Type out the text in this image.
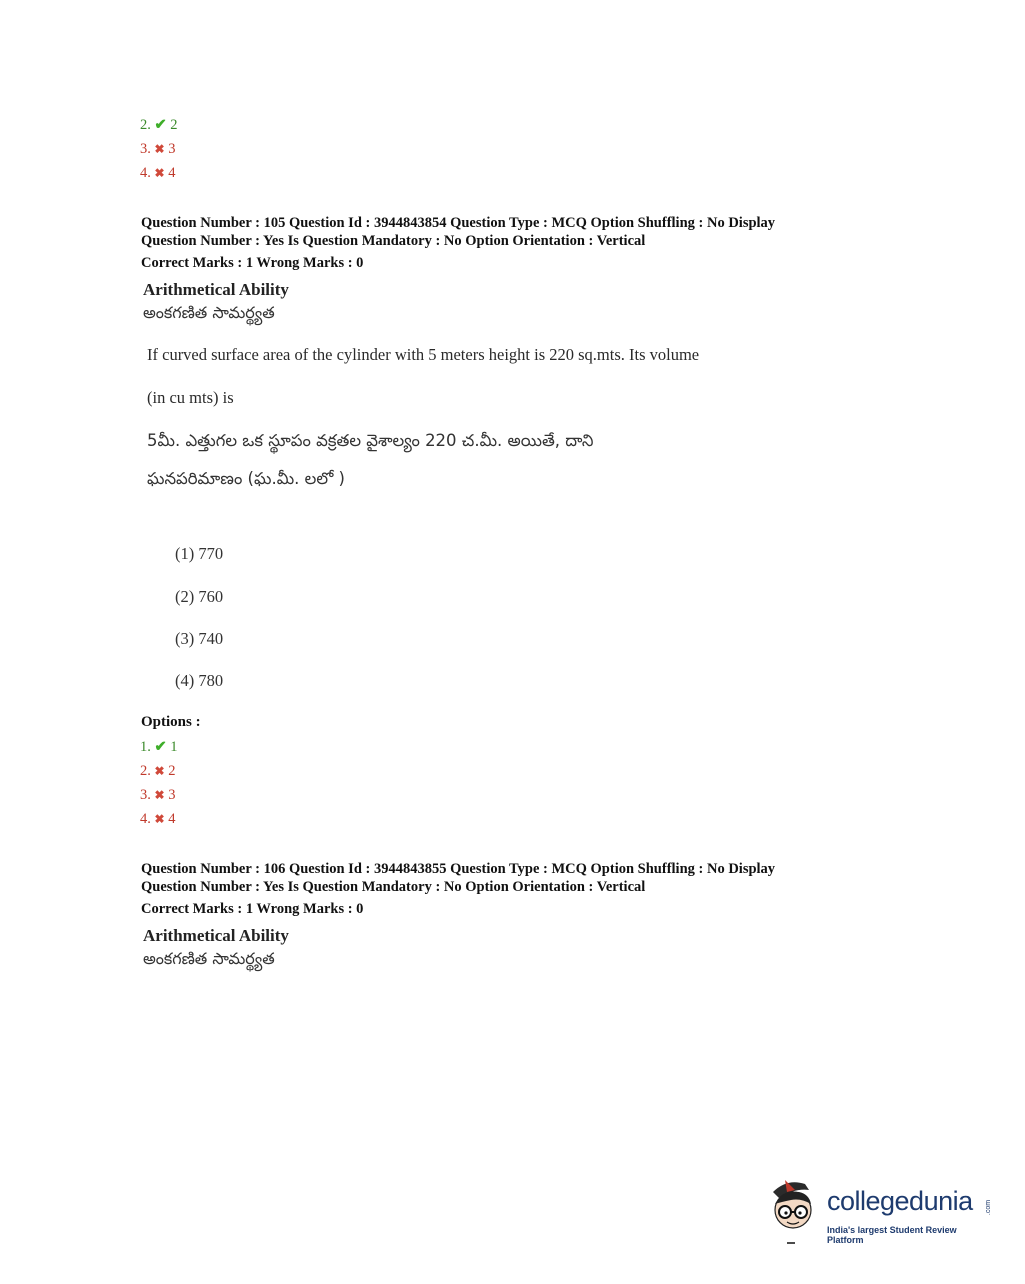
2. ✔ 2
3. ✖ 3
4. ✖ 4
Question Number : 105 Question Id : 3944843854 Question Type : MCQ Option Shuffling : No Display
Question Number : Yes Is Question Mandatory : No Option Orientation : Vertical
Correct Marks : 1 Wrong Marks : 0
Arithmetical Ability
అంకగణిత సామర్థ్యత
If curved surface area of the cylinder with 5 meters height is 220 sq.mts. Its volume
(in cu mts) is
5మీ. ఎత్తుగల ఒక స్థూపం వక్రతల వైశాల్యం 220 చ.మీ. అయితే, దాని
ఘనపరిమాణం (ఘ.మీ. లలో )
(1) 770
(2) 760
(3) 740
(4) 780
Options :
1. ✔ 1
2. ✖ 2
3. ✖ 3
4. ✖ 4
Question Number : 106 Question Id : 3944843855 Question Type : MCQ Option Shuffling : No Display
Question Number : Yes Is Question Mandatory : No Option Orientation : Vertical
Correct Marks : 1 Wrong Marks : 0
Arithmetical Ability
అంకగణిత సామర్థ్యత
collegedunia .com
India's largest Student Review Platform
